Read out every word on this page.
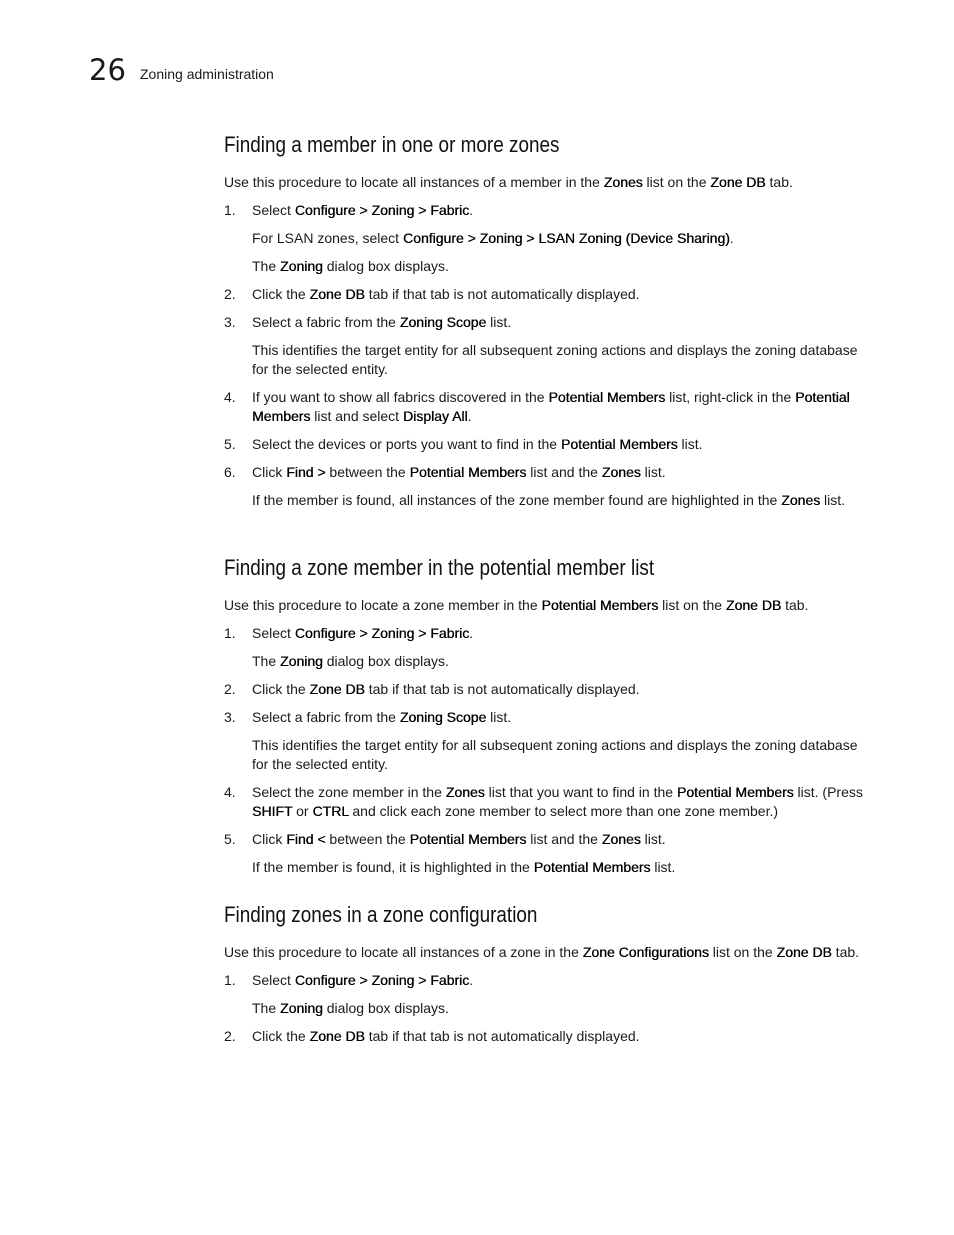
26 Zoning administration
Finding a member in one or more zones

Use this procedure to locate all instances of a member in the Zones list on the Zone DB tab.

1. Select Configure > Zoning > Fabric.

For LSAN zones, select Configure > Zoning > LSAN Zoning (Device Sharing).

The Zoning dialog box displays.

2. Click the Zone DB tab if that tab is not automatically displayed.

3. Select a fabric from the Zoning Scope list.

This identifies the target entity for all subsequent zoning actions and displays the zoning database for the selected entity.

4. If you want to show all fabrics discovered in the Potential Members list, right-click in the Potential Members list and select Display All.

5. Select the devices or ports you want to find in the Potential Members list.

6. Click Find > between the Potential Members list and the Zones list.

If the member is found, all instances of the zone member found are highlighted in the Zones list.

Finding a zone member in the potential member list

Use this procedure to locate a zone member in the Potential Members list on the Zone DB tab.

1. Select Configure > Zoning > Fabric.

The Zoning dialog box displays.

2. Click the Zone DB tab if that tab is not automatically displayed.

3. Select a fabric from the Zoning Scope list.

This identifies the target entity for all subsequent zoning actions and displays the zoning database for the selected entity.

4. Select the zone member in the Zones list that you want to find in the Potential Members list. (Press SHIFT or CTRL and click each zone member to select more than one zone member.)

5. Click Find < between the Potential Members list and the Zones list.

If the member is found, it is highlighted in the Potential Members list.

Finding zones in a zone configuration

Use this procedure to locate all instances of a zone in the Zone Configurations list on the Zone DB tab.

1. Select Configure > Zoning > Fabric.

The Zoning dialog box displays.

2. Click the Zone DB tab if that tab is not automatically displayed.
